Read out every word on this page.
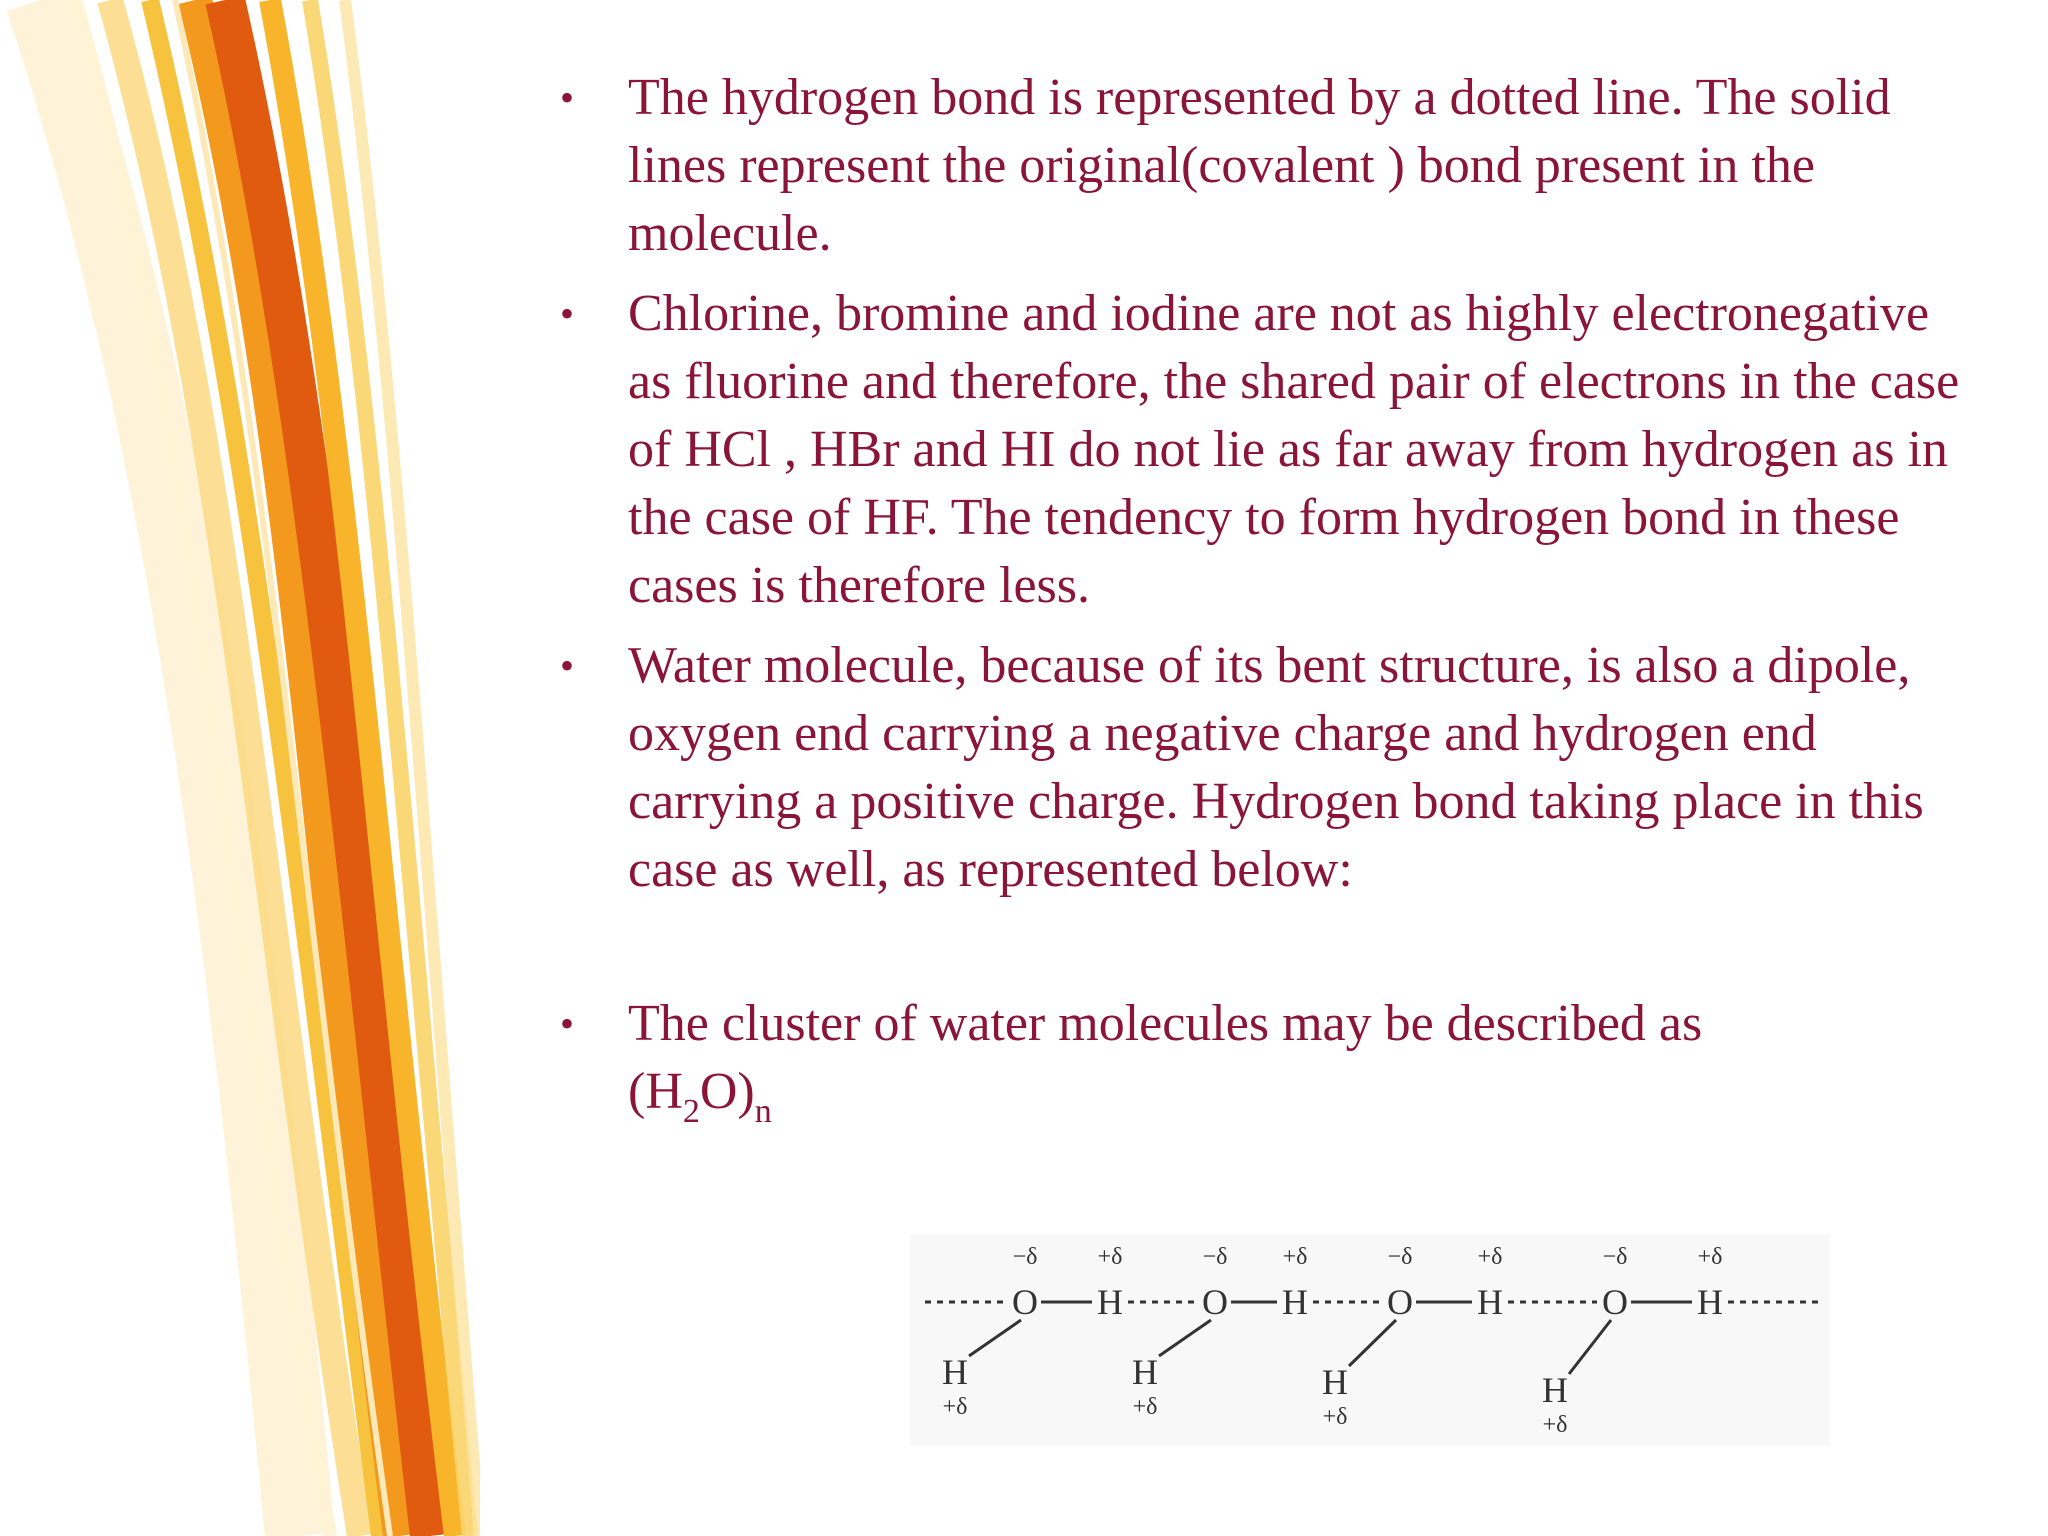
•	The hydrogen bond is represented by a dotted line. The solid lines represent the original(covalent ) bond present in the molecule.
•	Chlorine, bromine and iodine are not as highly electronegative as fluorine and therefore, the shared pair of electrons in the case of HCl , HBr and HI do not lie as far away from hydrogen as in the case of HF. The tendency to form hydrogen bond in these cases is therefore less.
•	Water molecule, because of its bent structure, is also a dipole, oxygen end carrying a negative charge and hydrogen end carrying a positive charge. Hydrogen bond taking place in this case as well, as represented below:
•	The cluster of water molecules may be described as
$(H_2O)_n$
O
−δ
H
+δ
H
+δ
O
−δ
H
+δ
H
+δ
O
−δ
H
+δ
H
+δ
O
−δ
H
+δ
H
+δ
